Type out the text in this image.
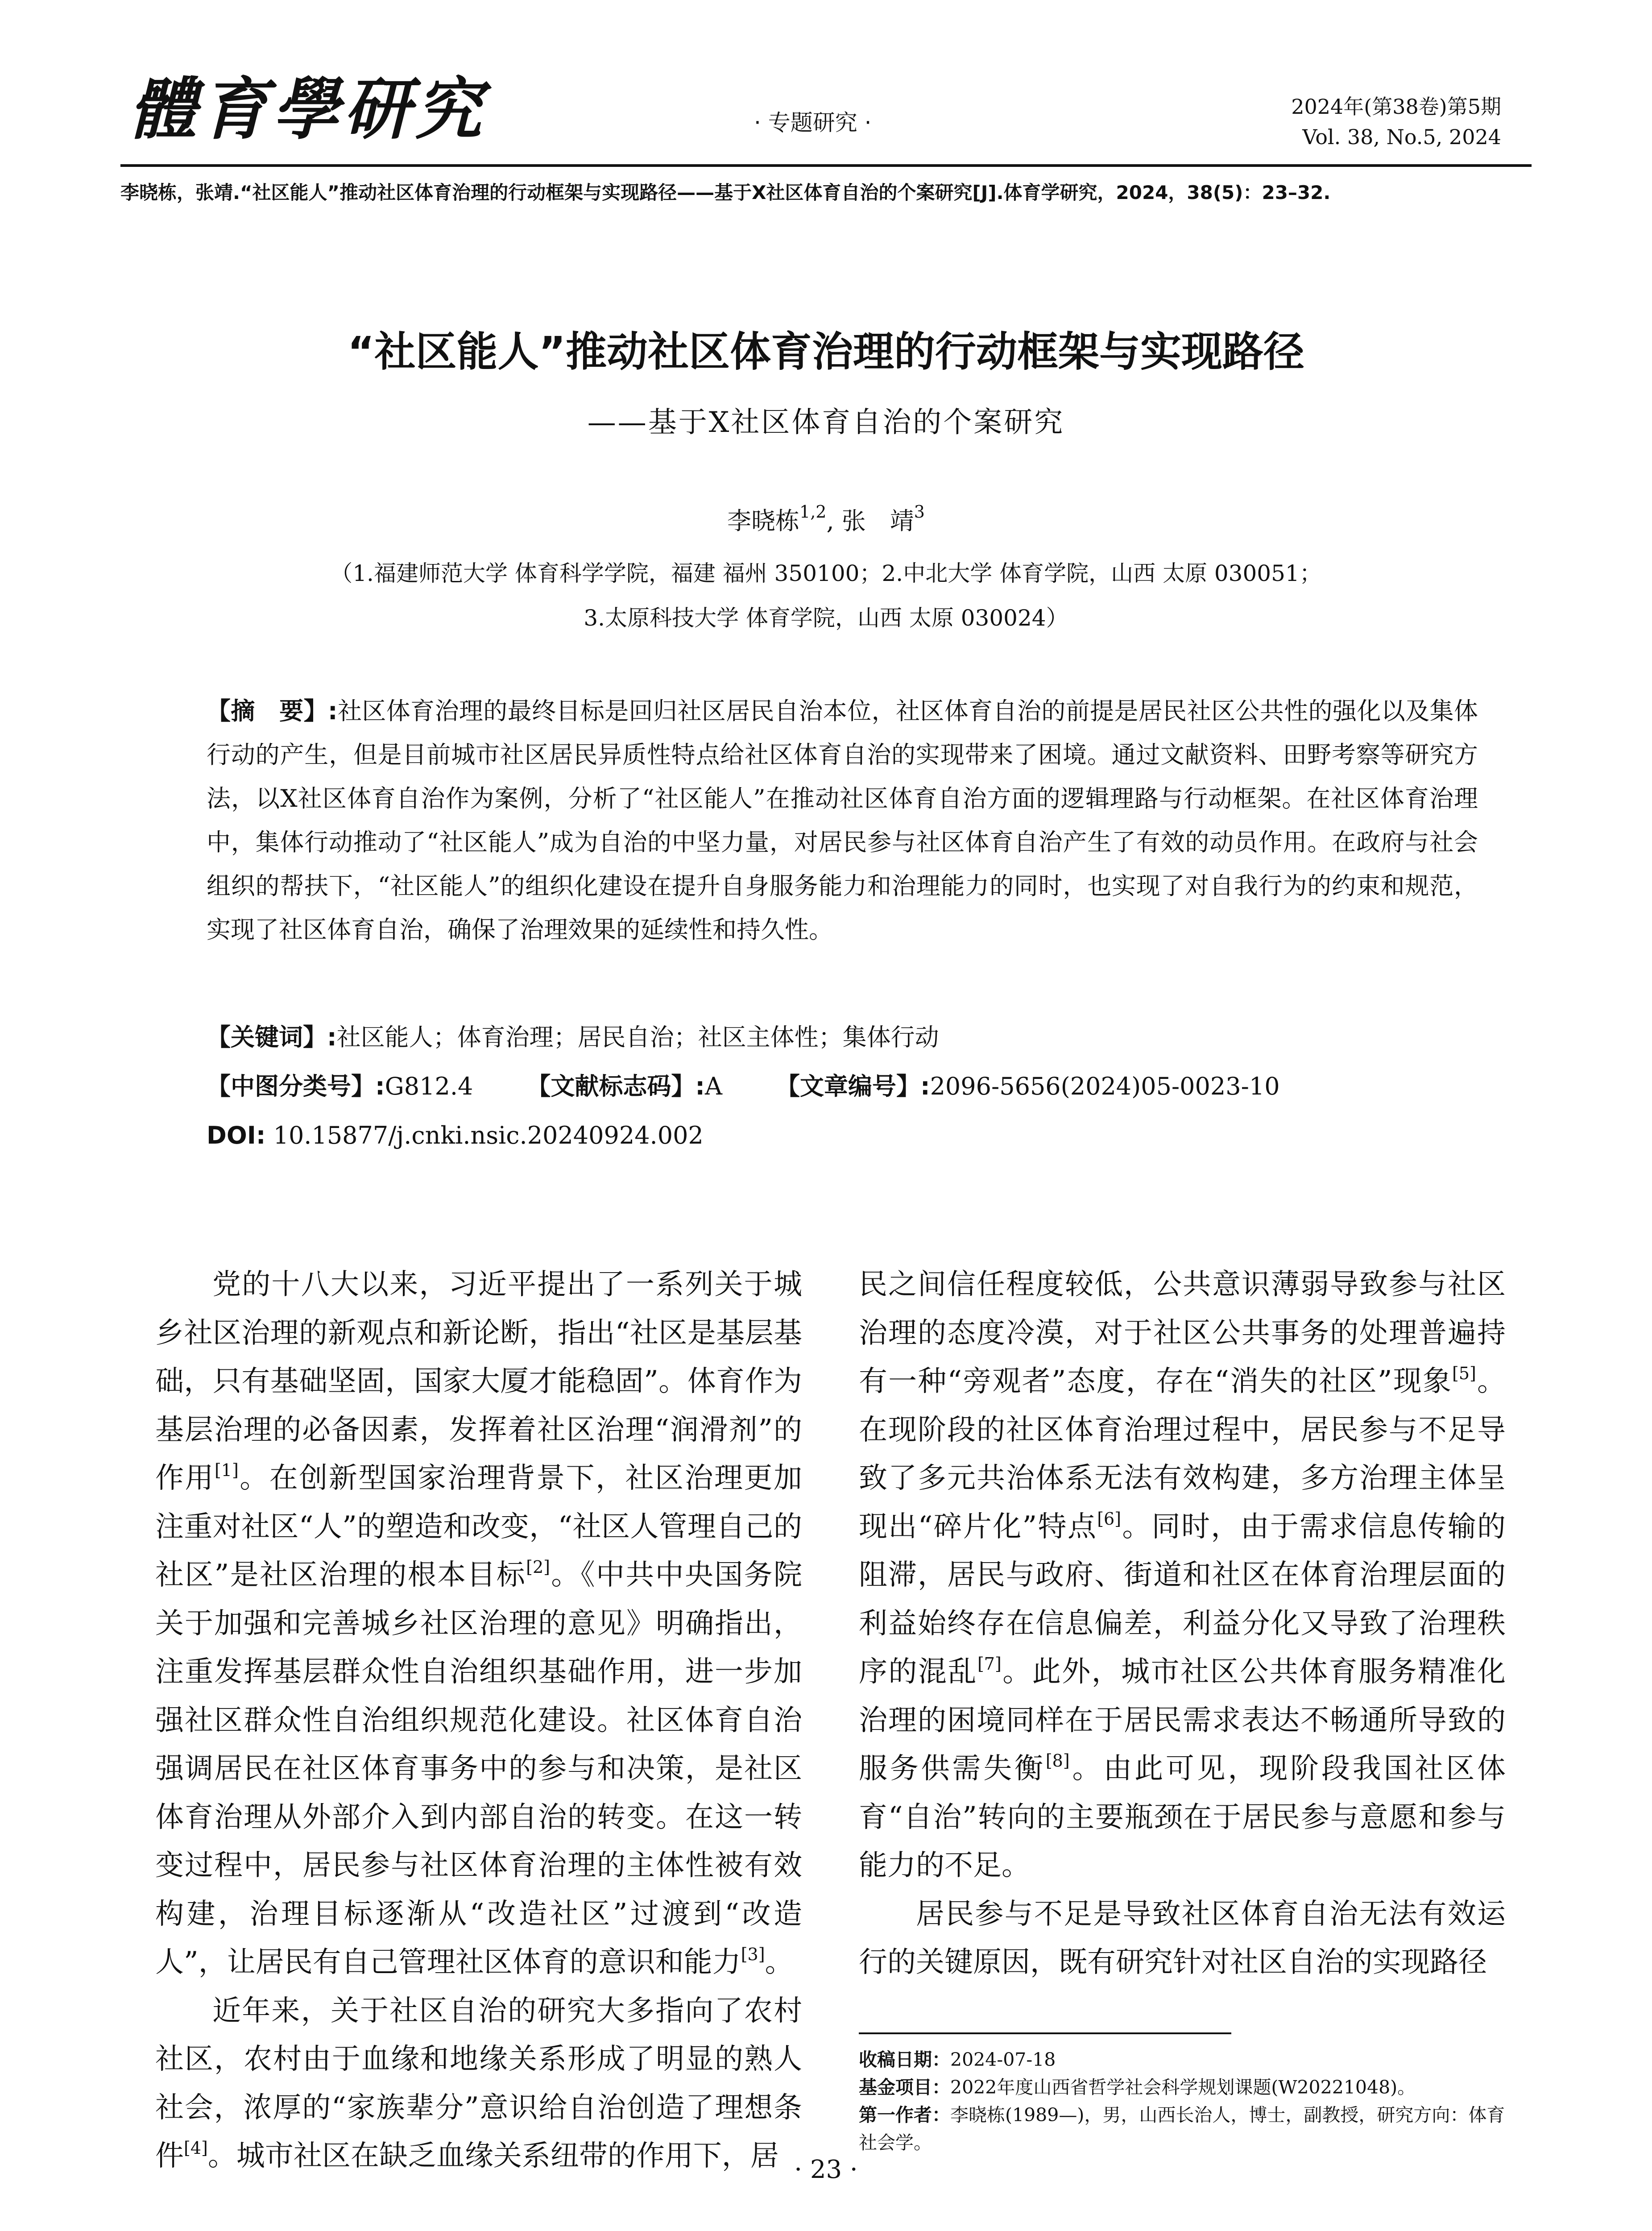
體育學研究	· 专题研究 ·
2024年(第38卷)第5期
Vol. 38, No.5, 2024
李晓栋，张靖.“社区能人”推动社区体育治理的行动框架与实现路径——基于X社区体育自治的个案研究[J].体育学研究，2024，38(5)：23–32.
“社区能人”推动社区体育治理的行动框架与实现路径
——基于X社区体育自治的个案研究
李晓栋$^{1,2}$, 张　靖$^3$
（1.福建师范大学 体育科学学院，福建 福州 350100；2.中北大学 体育学院，山西 太原 030051；
3.太原科技大学 体育学院，山西 太原 030024）
【摘　要】:社区体育治理的最终目标是回归社区居民自治本位，社区体育自治的前提是居民社区公共性的强化以及集体行动的产生，但是目前城市社区居民异质性特点给社区体育自治的实现带来了困境。通过文献资料、田野考察等研究方法，以X社区体育自治作为案例，分析了“社区能人”在推动社区体育自治方面的逻辑理路与行动框架。在社区体育治理中，集体行动推动了“社区能人”成为自治的中坚力量，对居民参与社区体育自治产生了有效的动员作用。在政府与社会组织的帮扶下，“社区能人”的组织化建设在提升自身服务能力和治理能力的同时，也实现了对自我行为的约束和规范，实现了社区体育自治，确保了治理效果的延续性和持久性。
【关键词】:社区能人；体育治理；居民自治；社区主体性；集体行动
【中图分类号】:G812.4 【文献标志码】:A 【文章编号】:2096-5656(2024)05-0023-10
DOI: 10.15877/j.cnki.nsic.20240924.002

党的十八大以来，习近平提出了一系列关于城乡社区治理的新观点和新论断，指出“社区是基层基础，只有基础坚固，国家大厦才能稳固”。体育作为基层治理的必备因素，发挥着社区治理“润滑剂”的作用[1]。在创新型国家治理背景下，社区治理更加注重对社区“人”的塑造和改变，“社区人管理自己的社区”是社区治理的根本目标[2]。《中共中央国务院关于加强和完善城乡社区治理的意见》明确指出，注重发挥基层群众性自治组织基础作用，进一步加强社区群众性自治组织规范化建设。社区体育自治强调居民在社区体育事务中的参与和决策，是社区体育治理从外部介入到内部自治的转变。在这一转变过程中，居民参与社区体育治理的主体性被有效构建，治理目标逐渐从“改造社区”过渡到“改造人”，让居民有自己管理社区体育的意识和能力[3]。

近年来，关于社区自治的研究大多指向了农村社区，农村由于血缘和地缘关系形成了明显的熟人社会，浓厚的“家族辈分”意识给自治创造了理想条件[4]。城市社区在缺乏血缘关系纽带的作用下，居

民之间信任程度较低，公共意识薄弱导致参与社区治理的态度冷漠，对于社区公共事务的处理普遍持有一种“旁观者”态度，存在“消失的社区”现象[5]。在现阶段的社区体育治理过程中，居民参与不足导致了多元共治体系无法有效构建，多方治理主体呈现出“碎片化”特点[6]。同时，由于需求信息传输的阻滞，居民与政府、街道和社区在体育治理层面的利益始终存在信息偏差，利益分化又导致了治理秩序的混乱[7]。此外，城市社区公共体育服务精准化治理的困境同样在于居民需求表达不畅通所导致的服务供需失衡[8]。由此可见，现阶段我国社区体育“自治”转向的主要瓶颈在于居民参与意愿和参与能力的不足。

居民参与不足是导致社区体育自治无法有效运行的关键原因，既有研究针对社区自治的实现路径

收稿日期：2024-07-18
基金项目：2022年度山西省哲学社会科学规划课题(W20221048)。
第一作者：李晓栋(1989—)，男，山西长治人，博士，副教授，研究方向：体育社会学。
· 23 ·
